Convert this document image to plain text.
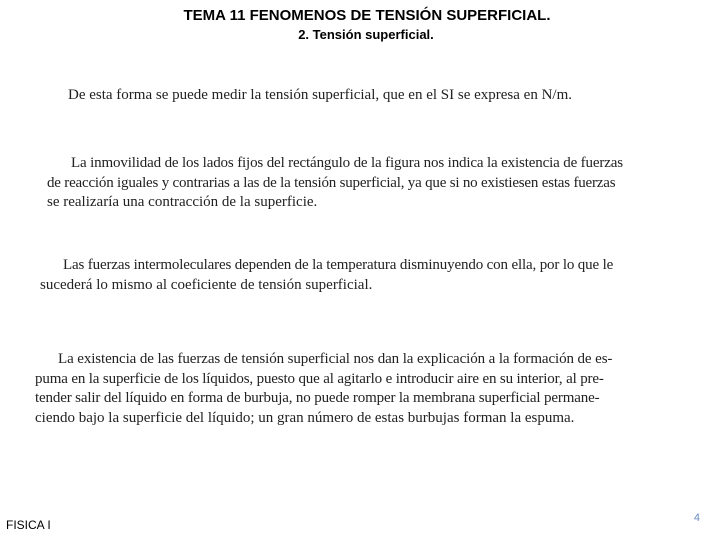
TEMA 11 FENOMENOS DE TENSIÓN SUPERFICIAL.
2. Tensión superficial.
De esta forma se puede medir la tensión superficial, que en el SI se expresa en N/m.
La inmovilidad de los lados fijos del rectángulo de la figura nos indica la existencia de fuerzas
de reacción iguales y contrarias a las de la tensión superficial, ya que si no existiesen estas fuerzas
se realizaría una contracción de la superficie.
Las fuerzas intermoleculares dependen de la temperatura disminuyendo con ella, por lo que le
sucederá lo mismo al coeficiente de tensión superficial.
La existencia de las fuerzas de tensión superficial nos dan la explicación a la formación de es-
puma en la superficie de los líquidos, puesto que al agitarlo e introducir aire en su interior, al pre-
tender salir del líquido en forma de burbuja, no puede romper la membrana superficial permane-
ciendo bajo la superficie del líquido; un gran número de estas burbujas forman la espuma.
FISICA I	4
